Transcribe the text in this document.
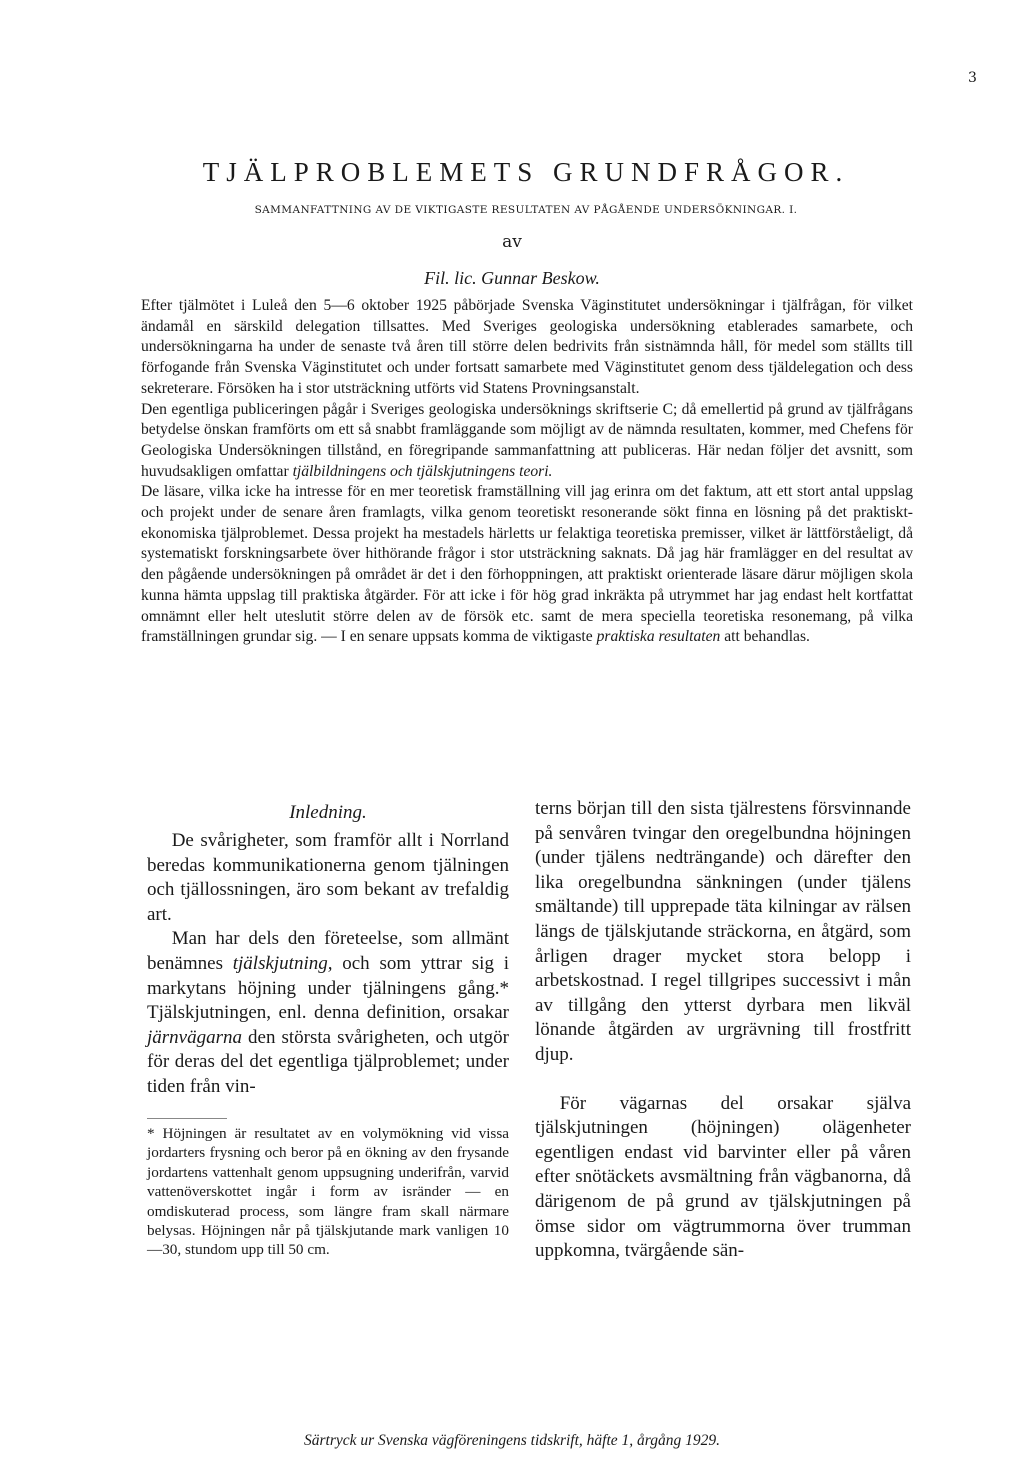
3
TJÄLPROBLEMETS GRUNDFRÅGOR.
SAMMANFATTNING AV DE VIKTIGASTE RESULTATEN AV PÅGÅENDE UNDERSÖKNINGAR. I.
av
Fil. lic. Gunnar Beskow.

Efter tjälmötet i Luleå den 5—6 oktober 1925 påbörjade Svenska Väginstitutet undersökningar i tjälfrågan, för vilket ändamål en särskild delegation tillsattes. Med Sveriges geologiska undersökning etablerades samarbete, och undersökningarna ha under de senaste två åren till större delen bedrivits från sistnämnda håll, för medel som ställts till förfogande från Svenska Väginstitutet och under fortsatt samarbete med Väginstitutet genom dess tjäldelegation och dess sekreterare. Försöken ha i stor utsträckning utförts vid Statens Provningsanstalt.

Den egentliga publiceringen pågår i Sveriges geologiska undersöknings skriftserie C; då emellertid på grund av tjälfrågans betydelse önskan framförts om ett så snabbt framläggande som möjligt av de nämnda resultaten, kommer, med Chefens för Geologiska Undersökningen tillstånd, en föregripande sammanfattning att publiceras. Här nedan följer det avsnitt, som huvudsakligen omfattar tjälbildningens och tjälskjutningens teori.

De läsare, vilka icke ha intresse för en mer teoretisk framställning vill jag erinra om det faktum, att ett stort antal uppslag och projekt under de senare åren framlagts, vilka genom teoretiskt resonerande sökt finna en lösning på det praktiskt-ekonomiska tjälproblemet. Dessa projekt ha mestadels härletts ur felaktiga teoretiska premisser, vilket är lättförståeligt, då systematiskt forskningsarbete över hithörande frågor i stor utsträckning saknats. Då jag här framlägger en del resultat av den pågående undersökningen på området är det i den förhoppningen, att praktiskt orienterade läsare därur möjligen skola kunna hämta uppslag till praktiska åtgärder. För att icke i för hög grad inkräkta på utrymmet har jag endast helt kortfattat omnämnt eller helt uteslutit större delen av de försök etc. samt de mera speciella teoretiska resonemang, på vilka framställningen grundar sig. — I en senare uppsats komma de viktigaste praktiska resultaten att behandlas.

Inledning.

De svårigheter, som framför allt i Norrland beredas kommunikationerna genom tjälningen och tjällossningen, äro som bekant av trefaldig art.

Man har dels den företeelse, som allmänt benämnes tjälskjutning, och som yttrar sig i markytans höjning under tjälningens gång.* Tjälskjutningen, enl. denna definition, orsakar järnvägarna den största svårigheten, och utgör för deras del det egentliga tjälproblemet; under tiden från vin-

terns början till den sista tjälrestens försvinnande på senvåren tvingar den oregelbundna höjningen (under tjälens nedträngande) och därefter den lika oregelbundna sänkningen (under tjälens smältande) till upprepade täta kilningar av rälsen längs de tjälskjutande sträckorna, en åtgärd, som årligen drager mycket stora belopp i arbetskostnad. I regel tillgripes successivt i mån av tillgång den ytterst dyrbara men likväl lönande åtgärden av urgrävning till frostfritt djup.

För vägarnas del orsakar själva tjälskjutningen (höjningen) olägenheter egentligen endast vid barvinter eller på våren efter snötäckets avsmältning från vägbanorna, då därigenom de på grund av tjälskjutningen på ömse sidor om vägtrummorna över trumman uppkomna, tvärgående sän-

* Höjningen är resultatet av en volymökning vid vissa jordarters frysning och beror på en ökning av den frysande jordartens vattenhalt genom uppsugning underifrån, varvid vattenöverskottet ingår i form av isränder — en omdiskuterad process, som längre fram skall närmare belysas. Höjningen når på tjälskjutande mark vanligen 10—30, stundom upp till 50 cm.
Särtryck ur Svenska vägföreningens tidskrift, häfte 1, årgång 1929.
